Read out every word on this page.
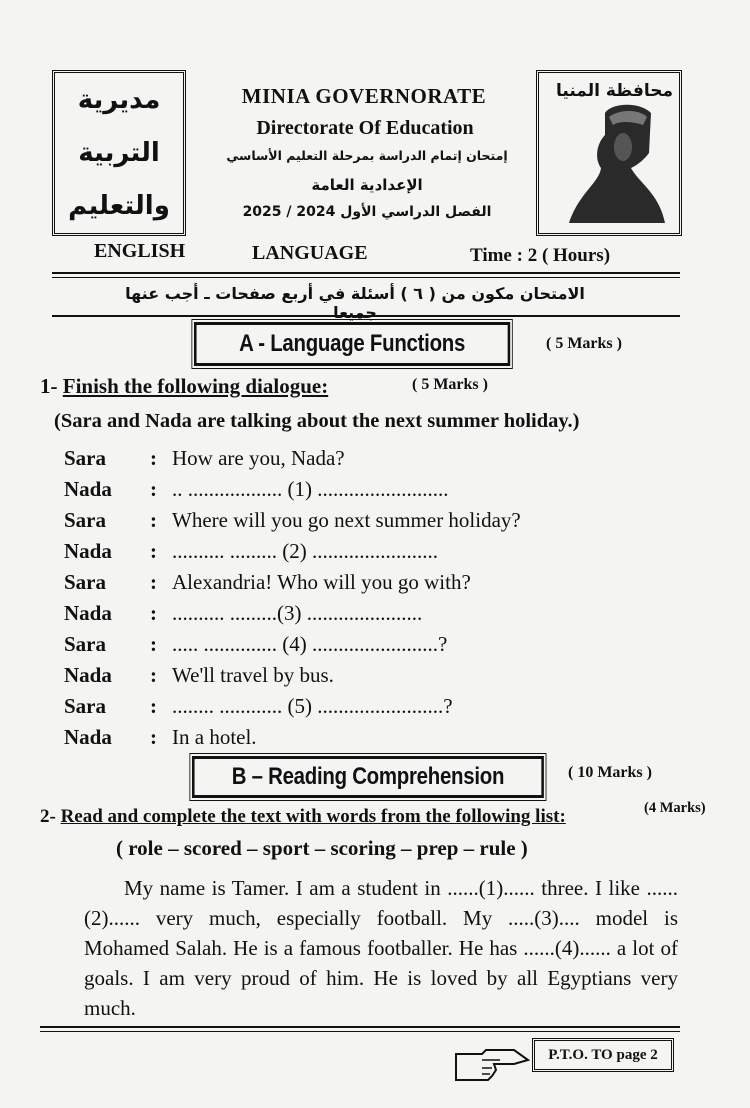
مديرية
التربية
والتعليم
MINIA GOVERNORATE
Directorate Of Education
إمتحان إتمام الدراسة بمرحلة التعليم الأساسي
الإعدادية العامة
الفصل الدراسي الأول 2024 / 2025
محافظة المنيا
ENGLISH	LANGUAGE	Time : 2 ( Hours)
الامتحان مكون من ( ٦ ) أسئلة في أربع صفحات ـ أجب عنها جميعا
A - Language Functions	( 5 Marks )
1- Finish the following dialogue:	( 5 Marks )
(Sara and Nada are talking about the next summer holiday.)
Sara : How are you, Nada?
Nada : .. .................. (1) .........................
Sara : Where will you go next summer holiday?
Nada : .......... ......... (2) ........................
Sara : Alexandria! Who will you go with?
Nada : .......... .........(3) ......................
Sara : ..... .............. (4) ........................?
Nada : We'll travel by bus.
Sara : ........ ............ (5) ........................?
Nada : In a hotel.
B – Reading Comprehension	( 10 Marks )
2- Read and complete the text with words from the following list:	(4 Marks)
( role – scored – sport – scoring – prep – rule )
My name is Tamer. I am a student in ......(1)...... three. I like ......(2)...... very much, especially football. My .....(3).... model is Mohamed Salah. He is a famous footballer. He has ......(4)...... a lot of goals. I am very proud of him. He is loved by all Egyptians very much.
P.T.O. TO page 2
